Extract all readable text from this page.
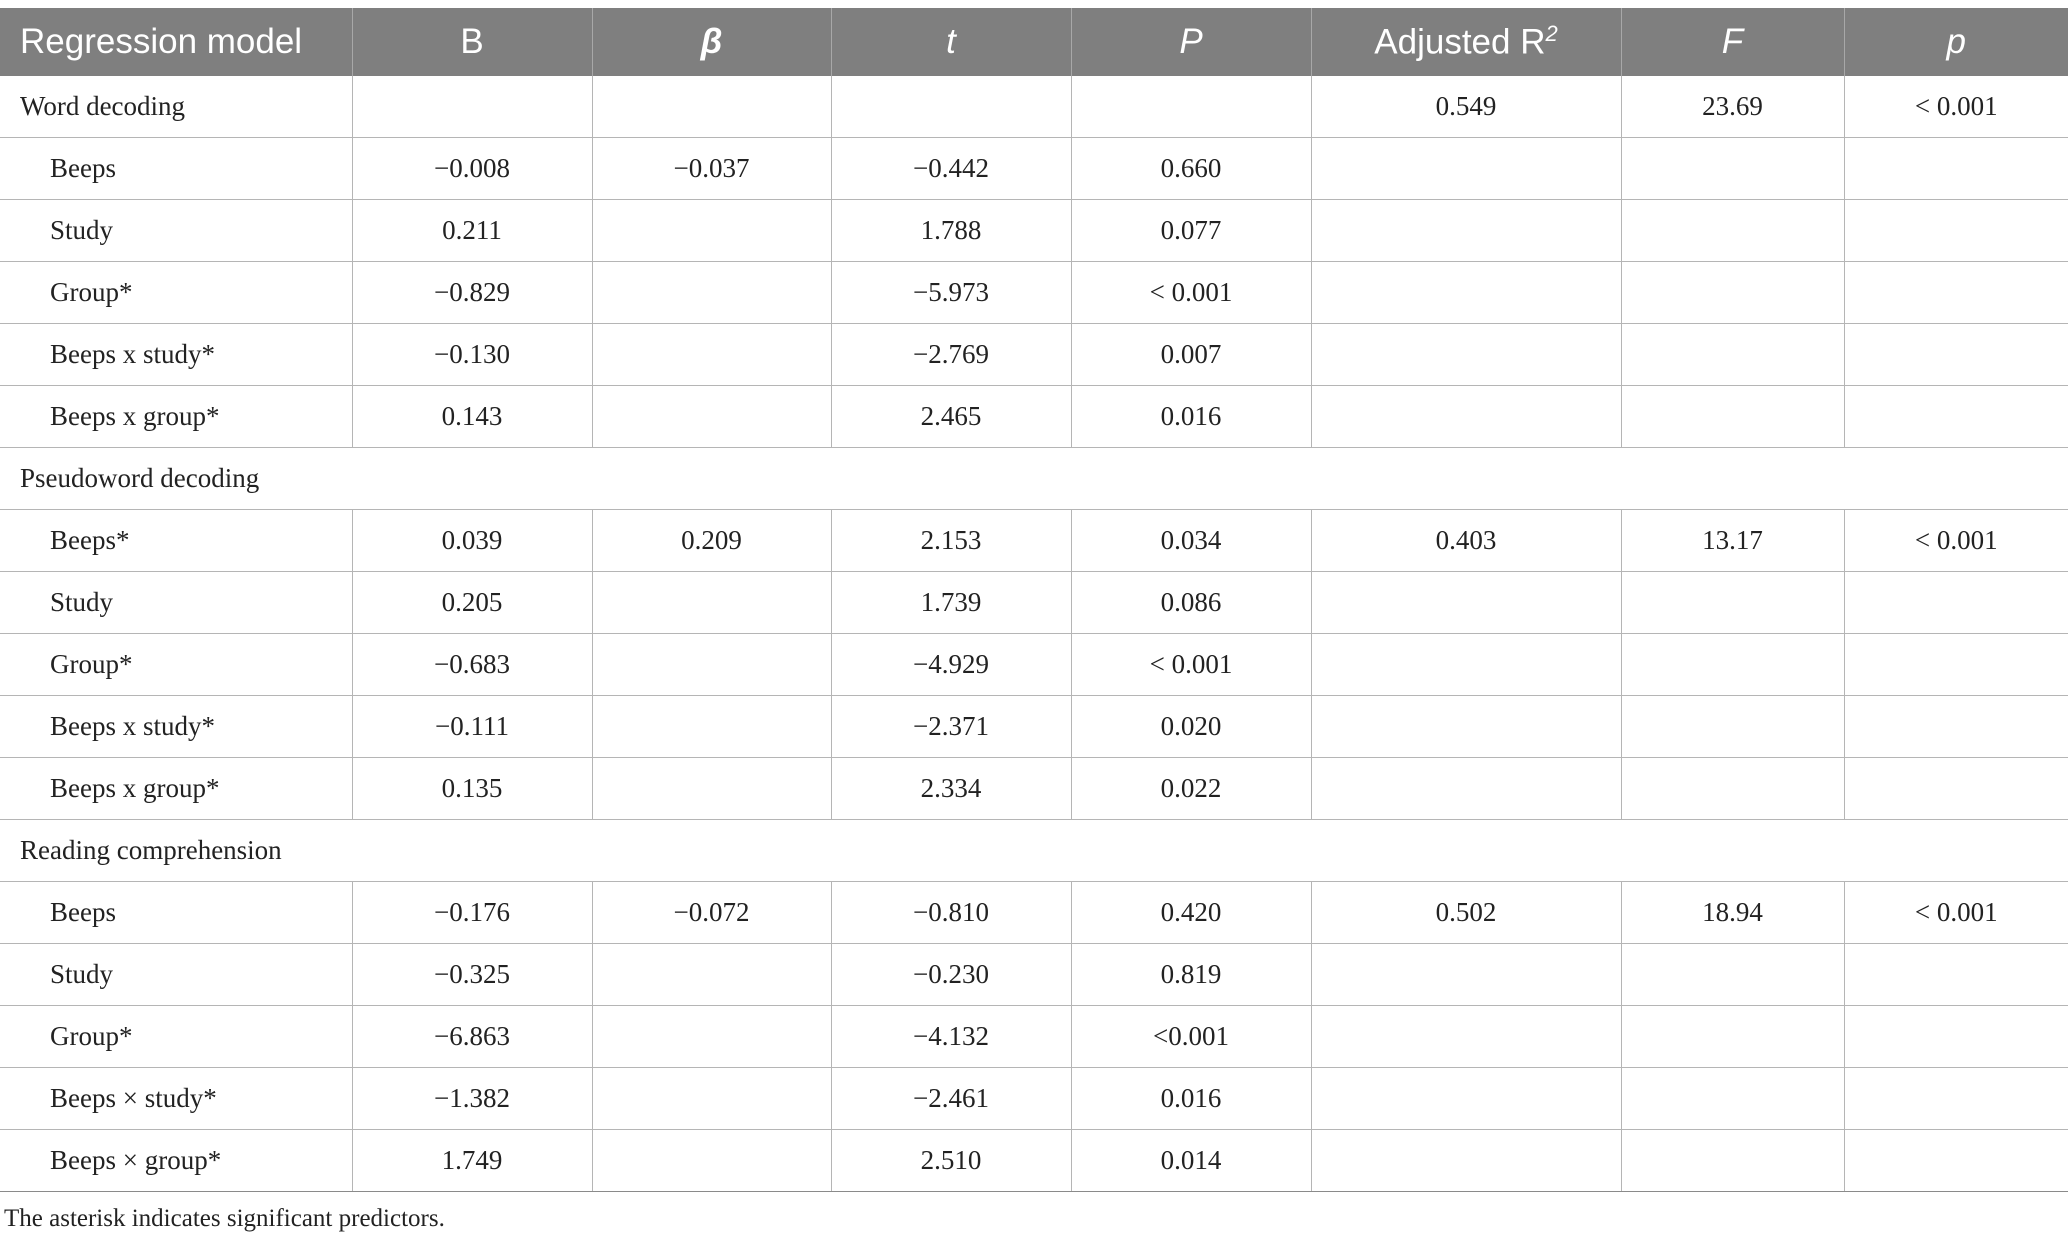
Regression model	B	β	t	P	Adjusted $R^2$	F	p
Word decoding					0.549	23.69	< 0.001
Beeps	−0.008	−0.037	−0.442	0.660			
Study	0.211		1.788	0.077			
Group*	−0.829		−5.973	< 0.001			
Beeps x study*	−0.130		−2.769	0.007			
Beeps x group*	0.143		2.465	0.016			
Pseudoword decoding							
Beeps*	0.039	0.209	2.153	0.034	0.403	13.17	< 0.001
Study	0.205		1.739	0.086			
Group*	−0.683		−4.929	< 0.001			
Beeps x study*	−0.111		−2.371	0.020			
Beeps x group*	0.135		2.334	0.022			
Reading comprehension							
Beeps	−0.176	−0.072	−0.810	0.420	0.502	18.94	< 0.001
Study	−0.325		−0.230	0.819			
Group*	−6.863		−4.132	<0.001			
Beeps × study*	−1.382		−2.461	0.016			
Beeps × group*	1.749		2.510	0.014			
The asterisk indicates significant predictors.
